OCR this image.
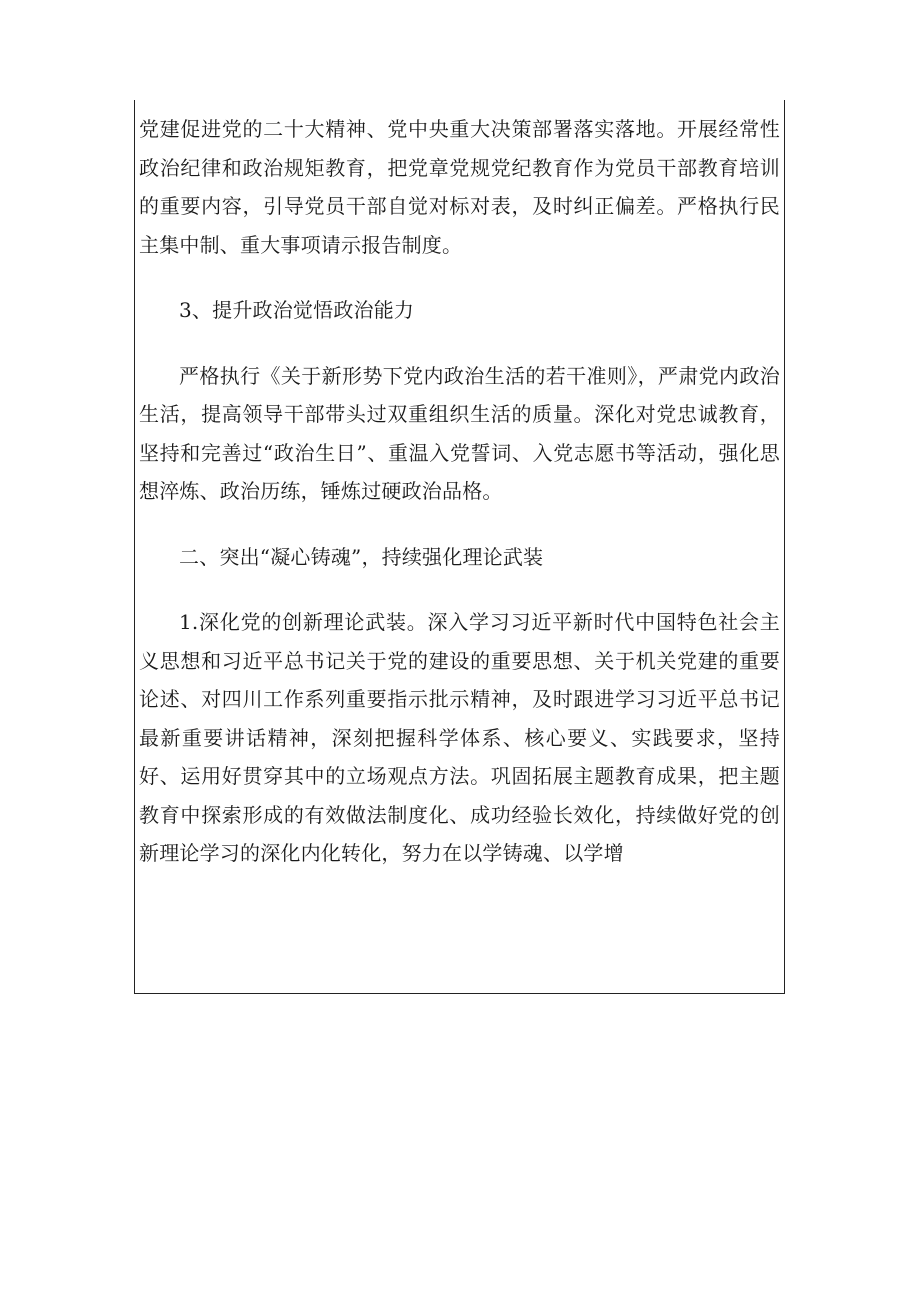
党建促进党的二十大精神、党中央重大决策部署落实落地。开展经常性政治纪律和政治规矩教育，把党章党规党纪教育作为党员干部教育培训的重要内容，引导党员干部自觉对标对表，及时纠正偏差。严格执行民主集中制、重大事项请示报告制度。

3、提升政治觉悟政治能力

严格执行《关于新形势下党内政治生活的若干准则》，严肃党内政治生活，提高领导干部带头过双重组织生活的质量。深化对党忠诚教育，坚持和完善过“政治生日”、重温入党誓词、入党志愿书等活动，强化思想淬炼、政治历练，锤炼过硬政治品格。

二、突出“凝心铸魂”，持续强化理论武装

1.深化党的创新理论武装。深入学习习近平新时代中国特色社会主义思想和习近平总书记关于党的建设的重要思想、关于机关党建的重要论述、对四川工作系列重要指示批示精神，及时跟进学习习近平总书记最新重要讲话精神，深刻把握科学体系、核心要义、实践要求，坚持好、运用好贯穿其中的立场观点方法。巩固拓展主题教育成果，把主题教育中探索形成的有效做法制度化、成功经验长效化，持续做好党的创新理论学习的深化内化转化，努力在以学铸魂、以学增
